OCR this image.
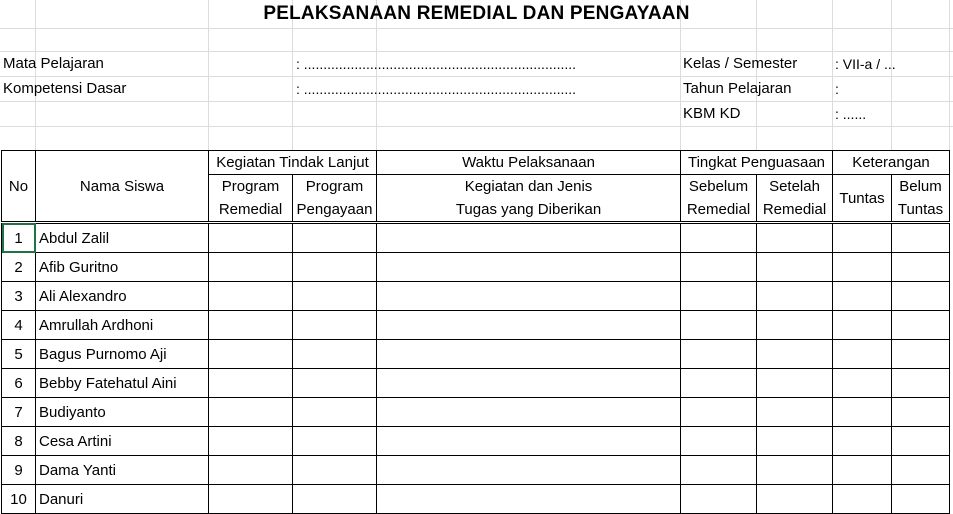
PELAKSANAAN REMEDIAL DAN PENGAYAAN
Mata Pelajaran	: ......................................................................
Kompetensi Dasar	: ......................................................................
Kelas / Semester	: VII-a / ...
Tahun Pelajaran	:
KBM KD	: ......
No	Nama Siswa	Kegiatan Tindak Lanjut		Waktu Pelaksanaan	Tingkat Penguasaan		Keterangan	
		Program	Program	Kegiatan dan Jenis	Sebelum	Setelah	Tuntas	Belum
		Remedial	Pengayaan	Tugas yang Diberikan	Remedial	Remedial		Tuntas
1	Abdul Zalil							
2	Afib Guritno							
3	Ali Alexandro							
4	Amrullah Ardhoni							
5	Bagus Purnomo Aji							
6	Bebby Fatehatul Aini							
7	Budiyanto							
8	Cesa Artini							
9	Dama Yanti							
10	Danuri							
